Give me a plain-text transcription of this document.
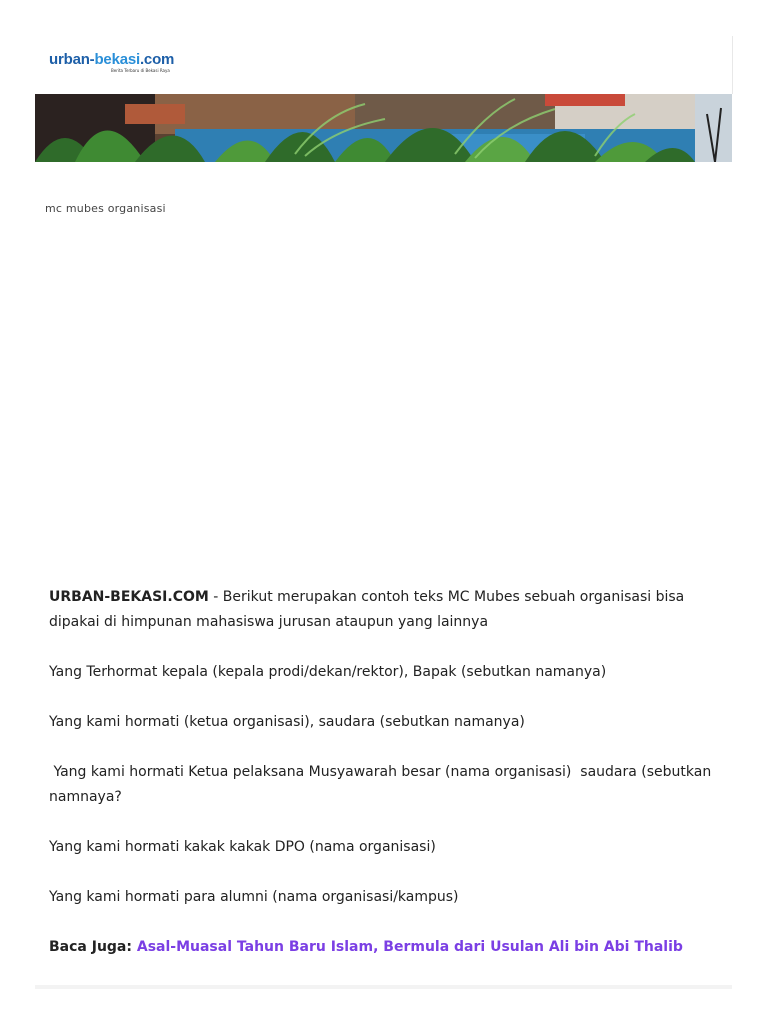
urban-bekasi.com
Berita Terbaru di Bekasi Raya
mc mubes organisasi

URBAN-BEKASI.COM - Berikut merupakan contoh teks MC Mubes sebuah organisasi bisa dipakai di himpunan mahasiswa jurusan ataupun yang lainnya

Yang Terhormat kepala (kepala prodi/dekan/rektor), Bapak (sebutkan namanya)

Yang kami hormati (ketua organisasi), saudara (sebutkan namanya)

Yang kami hormati Ketua pelaksana Musyawarah besar (nama organisasi)  saudara (sebutkan namnaya?

Yang kami hormati kakak kakak DPO (nama organisasi)

Yang kami hormati para alumni (nama organisasi/kampus)

Baca Juga: Asal-Muasal Tahun Baru Islam, Bermula dari Usulan Ali bin Abi Thalib
